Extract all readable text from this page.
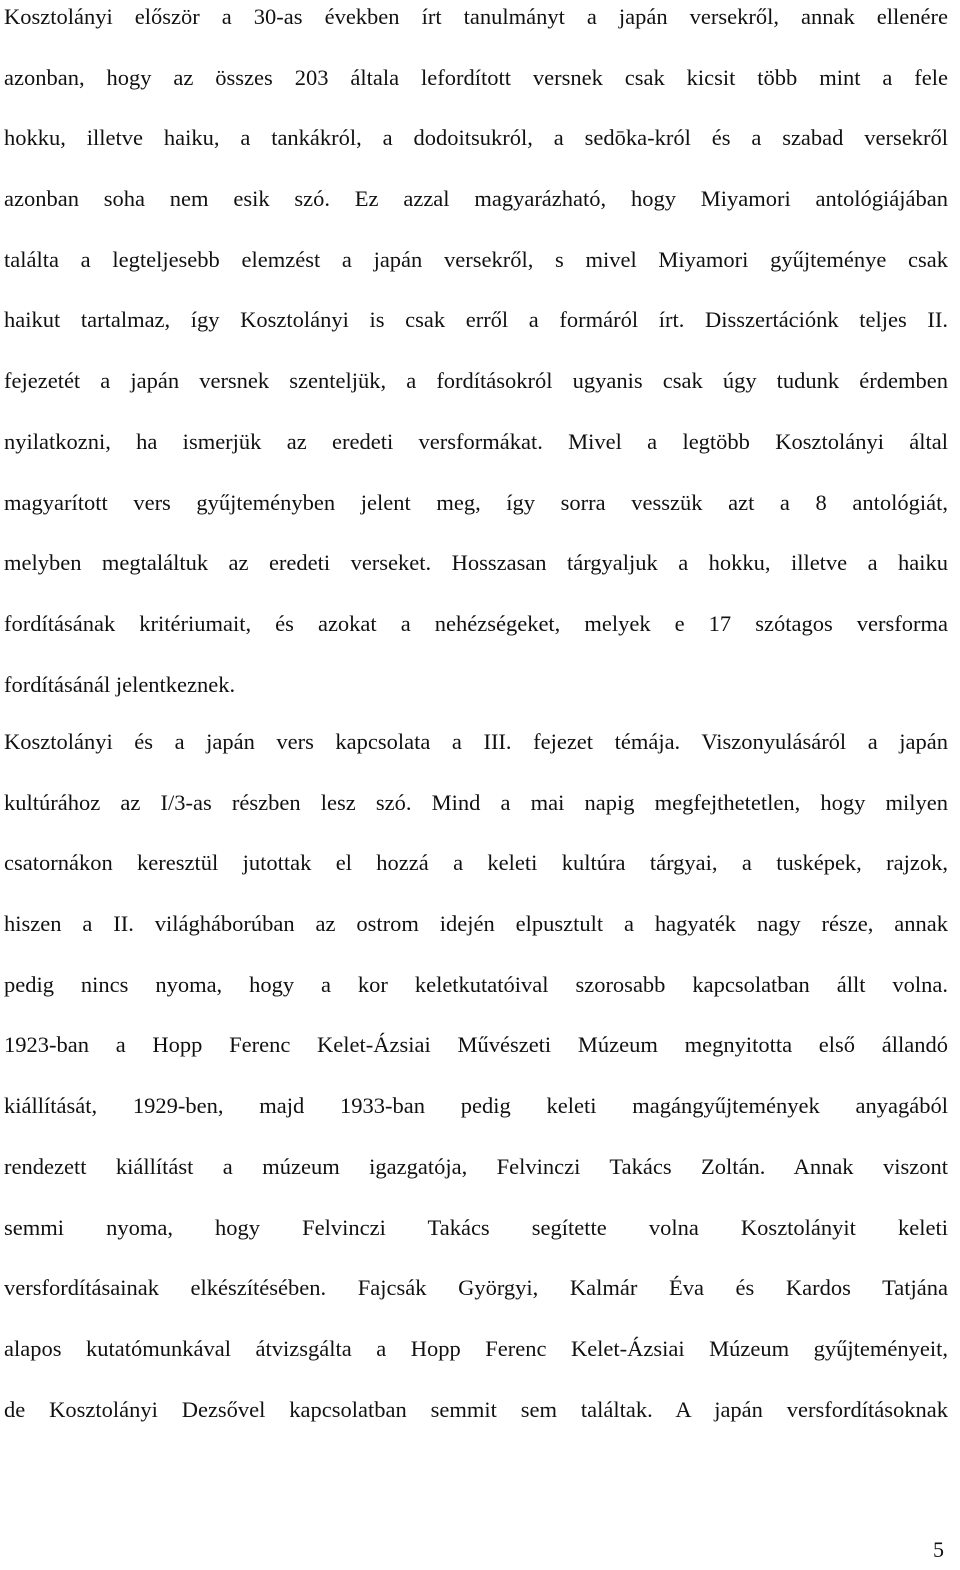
Kosztolányi először a 30-as években írt tanulmányt a japán versekről, annak ellenére
azonban, hogy az összes 203 általa lefordított versnek csak kicsit több mint a fele
hokku, illetve haiku, a tankákról, a dodoitsukról, a sedōka-król és a szabad versekről
azonban soha nem esik szó. Ez azzal magyarázható, hogy Miyamori antológiájában
találta a legteljesebb elemzést a japán versekről, s mivel Miyamori gyűjteménye csak
haikut tartalmaz, így Kosztolányi is csak erről a formáról írt. Disszertációnk teljes II.
fejezetét a japán versnek szenteljük, a fordításokról ugyanis csak úgy tudunk érdemben
nyilatkozni, ha ismerjük az eredeti versformákat. Mivel a legtöbb Kosztolányi által
magyarított vers gyűjteményben jelent meg, így sorra vesszük azt a 8 antológiát,
melyben megtaláltuk az eredeti verseket. Hosszasan tárgyaljuk a hokku, illetve a haiku
fordításának kritériumait, és azokat a nehézségeket, melyek e 17 szótagos versforma
fordításánál jelentkeznek.
Kosztolányi és a japán vers kapcsolata a III. fejezet témája. Viszonyulásáról a japán
kultúrához az I/3-as részben lesz szó. Mind a mai napig megfejthetetlen, hogy milyen
csatornákon keresztül jutottak el hozzá a keleti kultúra tárgyai, a tusképek, rajzok,
hiszen a II. világháborúban az ostrom idején elpusztult a hagyaték nagy része, annak
pedig nincs nyoma, hogy a kor keletkutatóival szorosabb kapcsolatban állt volna.
1923-ban a Hopp Ferenc Kelet-Ázsiai Művészeti Múzeum megnyitotta első állandó
kiállítását, 1929-ben, majd 1933-ban pedig keleti magángyűjtemények anyagából
rendezett kiállítást a múzeum igazgatója, Felvinczi Takács Zoltán. Annak viszont
semmi nyoma, hogy Felvinczi Takács segítette volna Kosztolányit keleti
versfordításainak elkészítésében. Fajcsák Györgyi, Kalmár Éva és Kardos Tatjána
alapos kutatómunkával átvizsgálta a Hopp Ferenc Kelet-Ázsiai Múzeum gyűjteményeit,
de Kosztolányi Dezsővel kapcsolatban semmit sem találtak. A japán versfordításoknak
5
